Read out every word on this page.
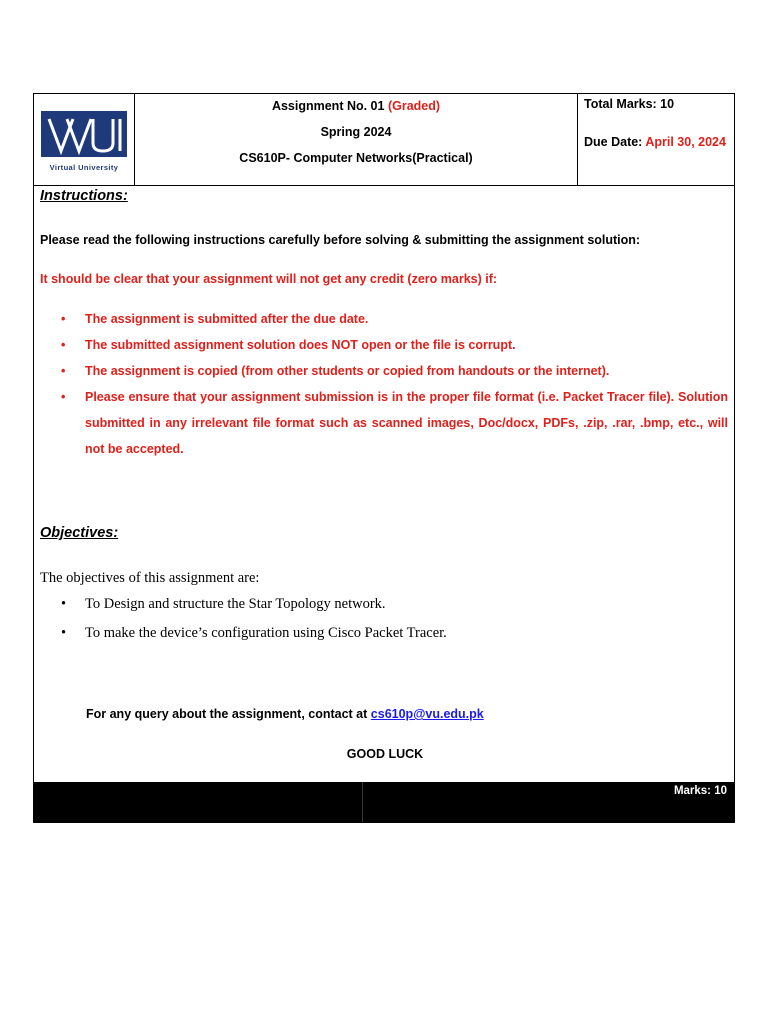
Virtual University
Assignment No. 01 (Graded)
Spring 2024
CS610P- Computer Networks(Practical)
Total Marks: 10
Due Date: April 30, 2024
Instructions:
Please read the following instructions carefully before solving & submitting the assignment solution:
It should be clear that your assignment will not get any credit (zero marks) if:
• The assignment is submitted after the due date.
• The submitted assignment solution does NOT open or the file is corrupt.
• The assignment is copied (from other students or copied from handouts or the internet).
• Please ensure that your assignment submission is in the proper file format (i.e. Packet Tracer file). Solution submitted in any irrelevant file format such as scanned images, Doc/docx, PDFs, .zip, .rar, .bmp, etc., will not be accepted.
Objectives:
The objectives of this assignment are:
• To Design and structure the Star Topology network.
• To make the device’s configuration using Cisco Packet Tracer.
For any query about the assignment, contact at cs610p@vu.edu.pk
GOOD LUCK
Marks: 10
